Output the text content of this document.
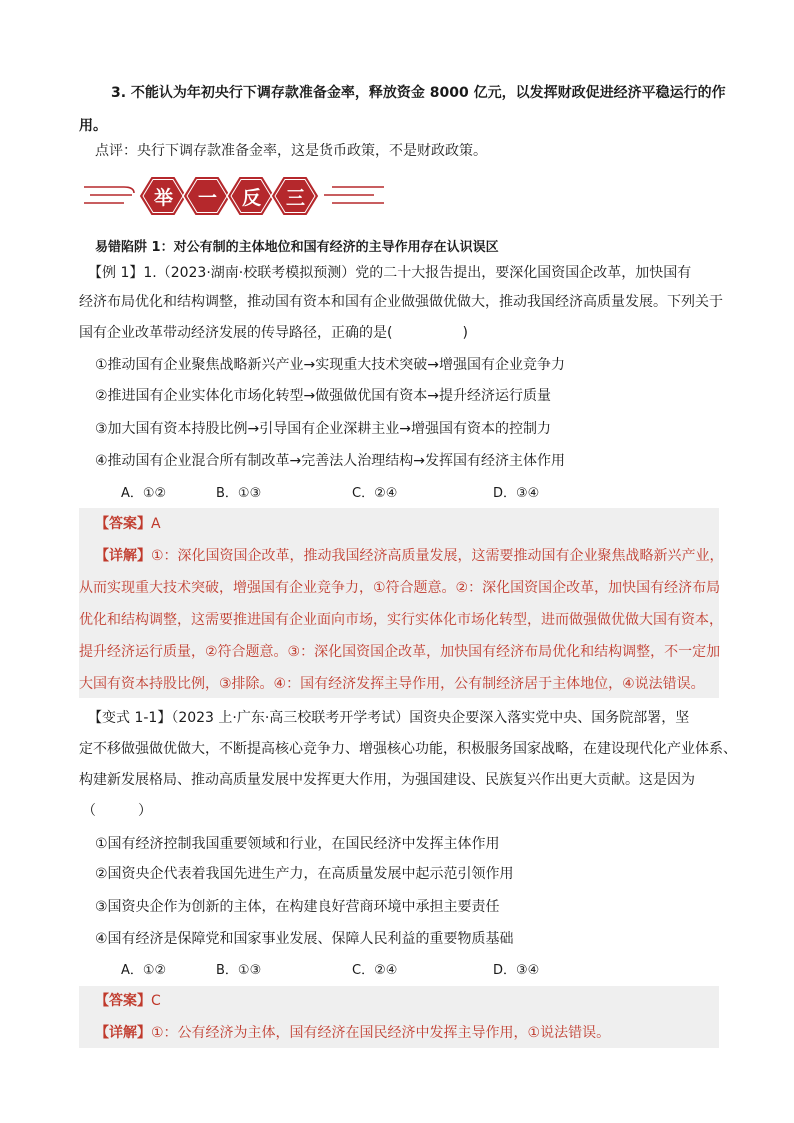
3. 不能认为年初央行下调存款准备金率，释放资金 8000 亿元，以发挥财政促进经济平稳运行的作
用。
点评：央行下调存款准备金率，这是货币政策，不是财政政策。
举 一 反 三
易错陷阱 1：对公有制的主体地位和国有经济的主导作用存在认识误区
【例 1】1.（2023·湖南·校联考模拟预测）党的二十大报告提出，要深化国资国企改革，加快国有
经济布局优化和结构调整，推动国有资本和国有企业做强做优做大，推动我国经济高质量发展。下列关于
国有企业改革带动经济发展的传导路径，正确的是(　　　　　)
①推动国有企业聚焦战略新兴产业→实现重大技术突破→增强国有企业竞争力
②推进国有企业实体化市场化转型→做强做优国有资本→提升经济运行质量
③加大国有资本持股比例→引导国有企业深耕主业→增强国有资本的控制力
④推动国有企业混合所有制改革→完善法人治理结构→发挥国有经济主体作用
A．①②	B．①③	C．②④	D．③④
【答案】A
【详解】①：深化国资国企改革，推动我国经济高质量发展，这需要推动国有企业聚焦战略新兴产业，
从而实现重大技术突破，增强国有企业竞争力，①符合题意。②：深化国资国企改革，加快国有经济布局
优化和结构调整，这需要推进国有企业面向市场，实行实体化市场化转型，进而做强做优做大国有资本，
提升经济运行质量，②符合题意。③：深化国资国企改革，加快国有经济布局优化和结构调整，不一定加
大国有资本持股比例，③排除。④：国有经济发挥主导作用，公有制经济居于主体地位，④说法错误。
【变式 1-1】（2023 上·广东·高三校联考开学考试）国资央企要深入落实党中央、国务院部署，坚
定不移做强做优做大，不断提高核心竞争力、增强核心功能，积极服务国家战略，在建设现代化产业体系、
构建新发展格局、推动高质量发展中发挥更大作用，为强国建设、民族复兴作出更大贡献。这是因为
（　　　）
①国有经济控制我国重要领域和行业，在国民经济中发挥主体作用
②国资央企代表着我国先进生产力，在高质量发展中起示范引领作用
③国资央企作为创新的主体，在构建良好营商环境中承担主要责任
④国有经济是保障党和国家事业发展、保障人民利益的重要物质基础
A．①②	B．①③	C．②④	D．③④
【答案】C
【详解】①：公有经济为主体，国有经济在国民经济中发挥主导作用，①说法错误。
